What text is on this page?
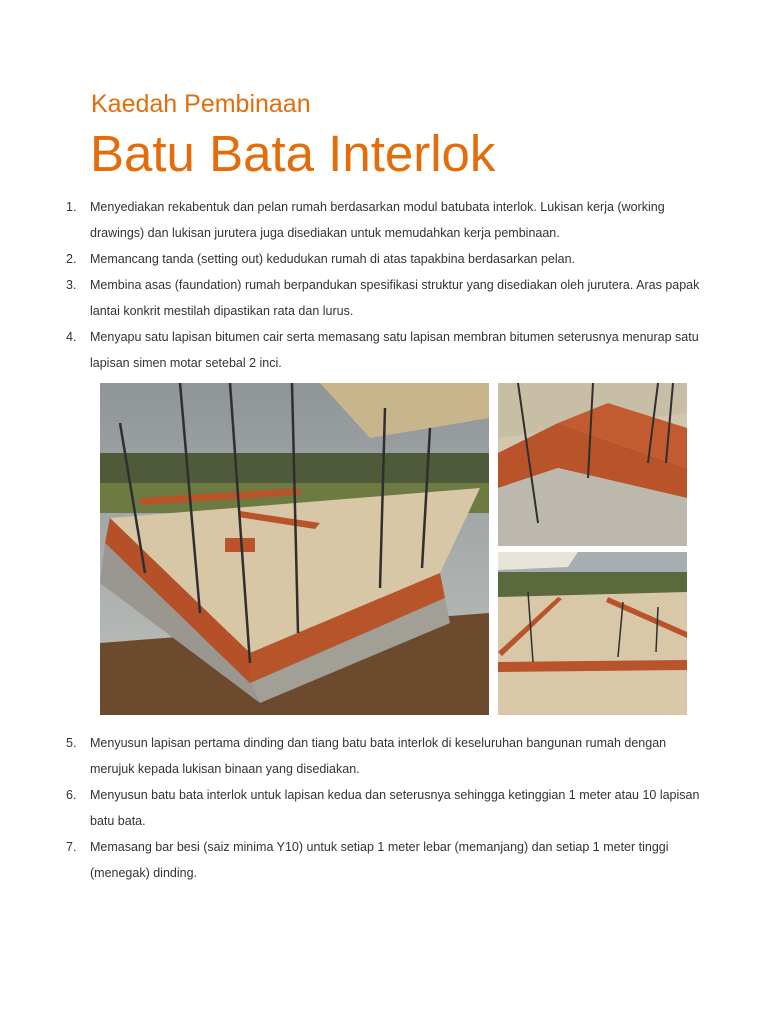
Kaedah Pembinaan
Batu Bata Interlok
1. Menyediakan rekabentuk dan pelan rumah berdasarkan modul batubata interlok. Lukisan kerja (working drawings) dan lukisan jurutera juga disediakan untuk memudahkan kerja pembinaan.
2. Memancang tanda (setting out) kedudukan rumah di atas tapakbina berdasarkan pelan.
3. Membina asas (faundation) rumah berpandukan spesifikasi struktur yang disediakan oleh jurutera. Aras papak lantai konkrit mestilah dipastikan rata dan lurus.
4. Menyapu satu lapisan bitumen cair serta memasang satu lapisan membran bitumen seterusnya menurap satu lapisan simen motar setebal 2 inci.
5. Menyusun lapisan pertama dinding dan tiang batu bata interlok di keseluruhan bangunan rumah dengan merujuk kepada lukisan binaan yang disediakan.
6. Menyusun batu bata interlok untuk lapisan kedua dan seterusnya sehingga ketinggian 1 meter atau 10 lapisan batu bata.
7. Memasang bar besi (saiz minima Y10) untuk setiap 1 meter lebar (memanjang) dan setiap 1 meter tinggi (menegak) dinding.
